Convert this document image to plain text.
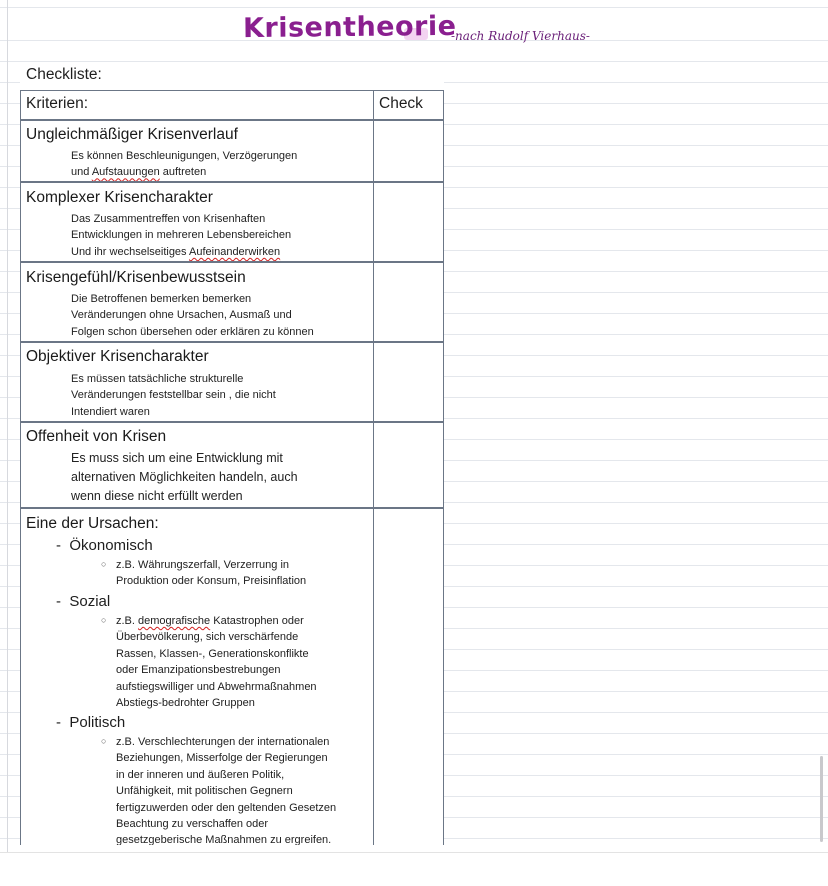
Krisentheorie
-nach Rudolf Vierhaus-
Checkliste:
Kriterien:	Check
Ungleichmäßiger Krisenverlauf
Es können Beschleunigungen, Verzögerungen
und Aufstauungen auftreten
Komplexer Krisencharakter
Das Zusammentreffen von Krisenhaften
Entwicklungen in mehreren Lebensbereichen
Und ihr wechselseitiges Aufeinanderwirken
Krisengefühl/Krisenbewusstsein
Die Betroffenen bemerken bemerken
Veränderungen ohne Ursachen, Ausmaß und
Folgen schon übersehen oder erklären zu können
Objektiver Krisencharakter
Es müssen tatsächliche strukturelle
Veränderungen feststellbar sein , die nicht
Intendiert waren
Offenheit von Krisen
Es muss sich um eine Entwicklung mit
alternativen Möglichkeiten handeln, auch
wenn diese nicht erfüllt werden
Eine der Ursachen:
- Ökonomisch
○ z.B. Währungszerfall, Verzerrung in
Produktion oder Konsum, Preisinflation
- Sozial
○ z.B. demografische Katastrophen oder
Überbevölkerung, sich verschärfende
Rassen, Klassen-, Generationskonflikte
oder Emanzipationsbestrebungen
aufstiegswilliger und Abwehrmaßnahmen
Abstiegs-bedrohter Gruppen
- Politisch
○ z.B. Verschlechterungen der internationalen
Beziehungen, Misserfolge der Regierungen
in der inneren und äußeren Politik,
Unfähigkeit, mit politischen Gegnern
fertigzuwerden oder den geltenden Gesetzen
Beachtung zu verschaffen oder
gesetzgeberische Maßnahmen zu ergreifen.
